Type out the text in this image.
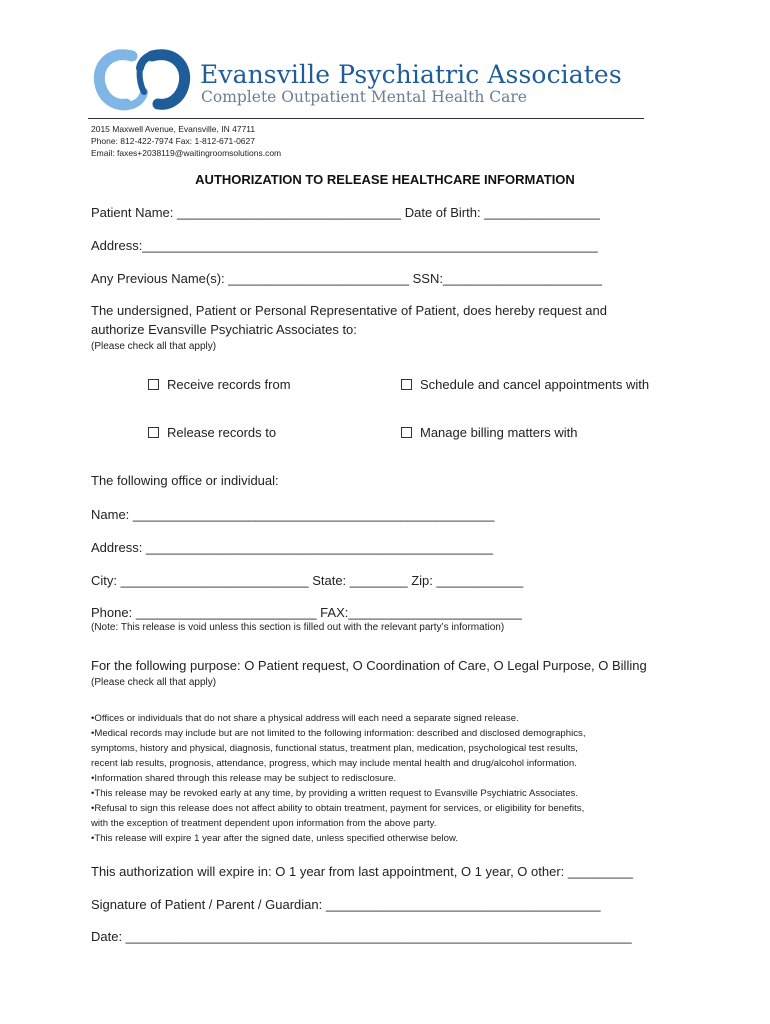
Evansville Psychiatric Associates
Complete Outpatient Mental Health Care
2015 Maxwell Avenue, Evansville, IN 47711
Phone: 812-422-7974 Fax: 1-812-671-0627
Email: faxes+2038119@waitingroomsolutions.com
AUTHORIZATION TO RELEASE HEALTHCARE INFORMATION
Patient Name: _______________________________ Date of Birth: ________________
Address:_______________________________________________________________
Any Previous Name(s): _________________________ SSN:______________________
The undersigned, Patient or Personal Representative of Patient, does hereby request and
authorize Evansville Psychiatric Associates to:
(Please check all that apply)
Receive records from	Schedule and cancel appointments with
Release records to	Manage billing matters with
The following office or individual:
Name: __________________________________________________
Address: ________________________________________________
City: __________________________ State: ________ Zip: ____________
Phone: _________________________ FAX:________________________
(Note: This release is void unless this section is filled out with the relevant party’s information)
For the following purpose: O Patient request, O Coordination of Care, O Legal Purpose, O Billing
(Please check all that apply)
•Offices or individuals that do not share a physical address will each need a separate signed release.
•Medical records may include but are not limited to the following information: described and disclosed demographics,
symptoms, history and physical, diagnosis, functional status, treatment plan, medication, psychological test results,
recent lab results, prognosis, attendance, progress, which may include mental health and drug/alcohol information.
•Information shared through this release may be subject to redisclosure.
•This release may be revoked early at any time, by providing a written request to Evansville Psychiatric Associates.
•Refusal to sign this release does not affect ability to obtain treatment, payment for services, or eligibility for benefits,
with the exception of treatment dependent upon information from the above party.
•This release will expire 1 year after the signed date, unless specified otherwise below.
This authorization will expire in: O 1 year from last appointment, O 1 year, O other: _________
Signature of Patient / Parent / Guardian: ______________________________________
Date: ______________________________________________________________________
